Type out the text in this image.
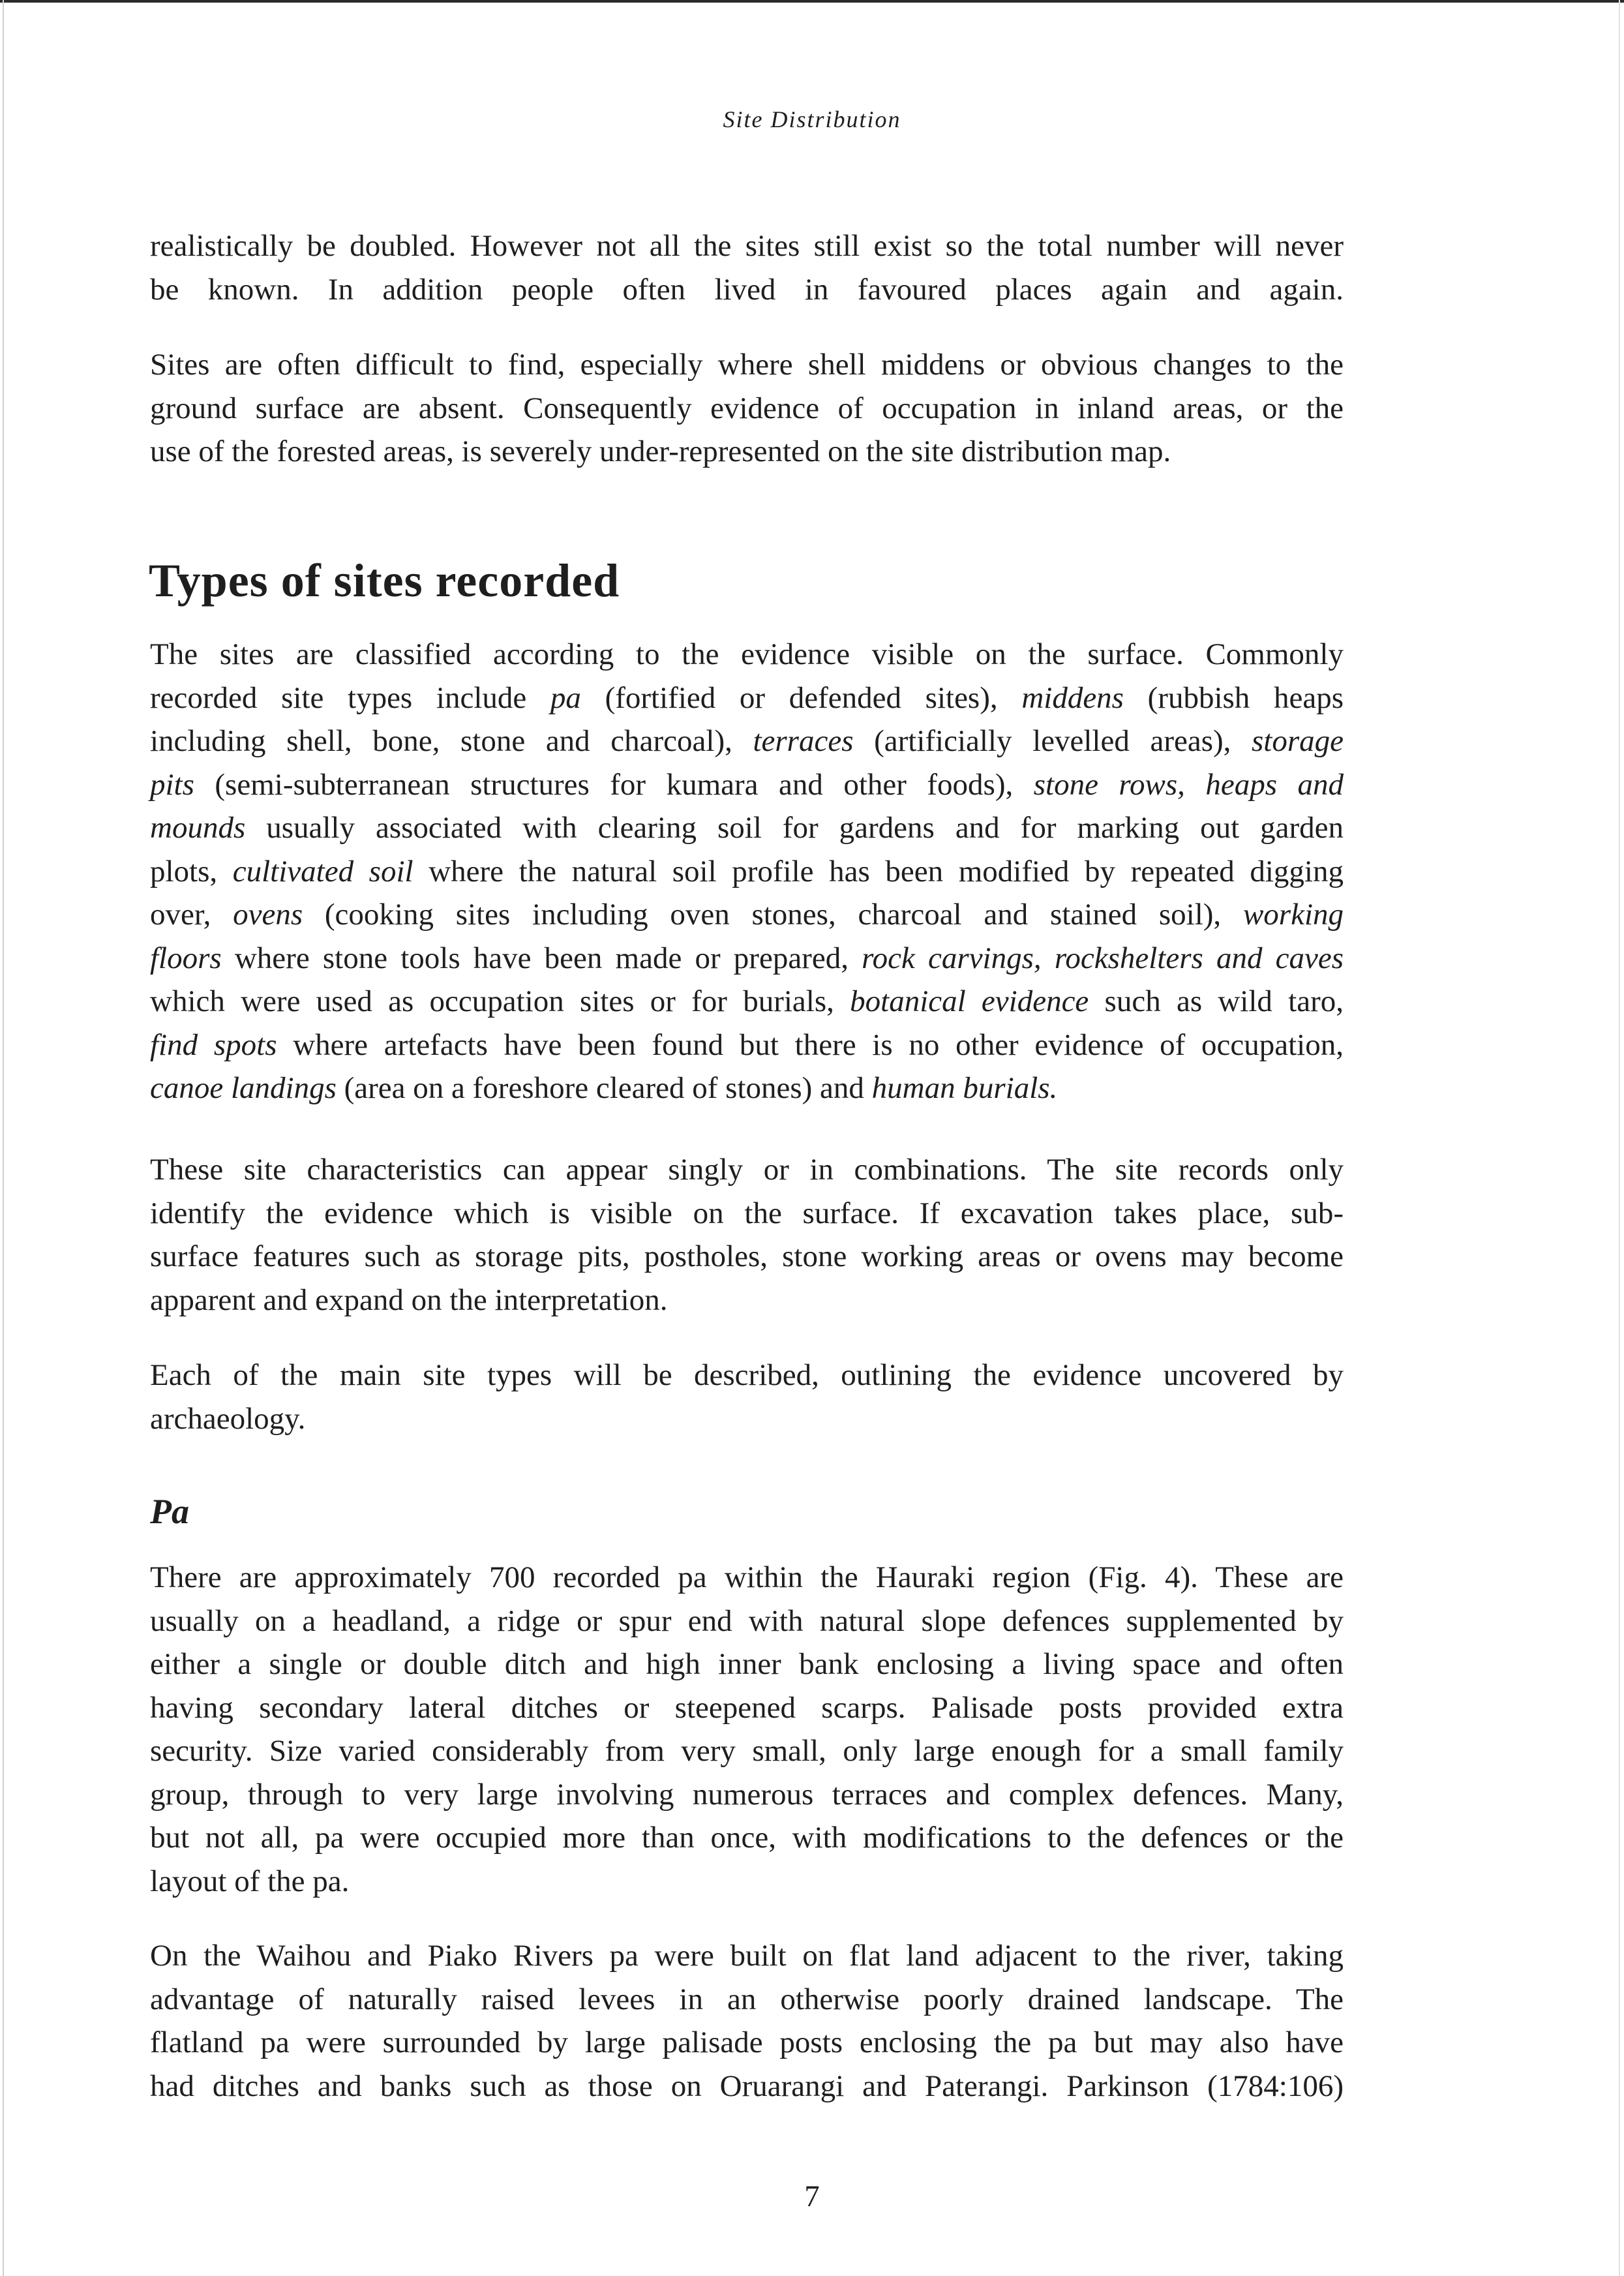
Site Distribution

realistically be doubled. However not all the sites still exist so the total number will never
be known. In addition people often lived in favoured places again and again.

Sites are often difficult to find, especially where shell middens or obvious changes to the
ground surface are absent. Consequently evidence of occupation in inland areas, or the
use of the forested areas, is severely under-represented on the site distribution map.

Types of sites recorded

The sites are classified according to the evidence visible on the surface. Commonly
recorded site types include pa (fortified or defended sites), middens (rubbish heaps
including shell, bone, stone and charcoal), terraces (artificially levelled areas), storage
pits (semi-subterranean structures for kumara and other foods), stone rows, heaps and
mounds usually associated with clearing soil for gardens and for marking out garden
plots, cultivated soil where the natural soil profile has been modified by repeated digging
over, ovens (cooking sites including oven stones, charcoal and stained soil), working
floors where stone tools have been made or prepared, rock carvings, rockshelters and caves
which were used as occupation sites or for burials, botanical evidence such as wild taro,
find spots where artefacts have been found but there is no other evidence of occupation,
canoe landings (area on a foreshore cleared of stones) and human burials.

These site characteristics can appear singly or in combinations. The site records only
identify the evidence which is visible on the surface. If excavation takes place, sub-
surface features such as storage pits, postholes, stone working areas or ovens may become
apparent and expand on the interpretation.

Each of the main site types will be described, outlining the evidence uncovered by
archaeology.

Pa

There are approximately 700 recorded pa within the Hauraki region (Fig. 4). These are
usually on a headland, a ridge or spur end with natural slope defences supplemented by
either a single or double ditch and high inner bank enclosing a living space and often
having secondary lateral ditches or steepened scarps. Palisade posts provided extra
security. Size varied considerably from very small, only large enough for a small family
group, through to very large involving numerous terraces and complex defences. Many,
but not all, pa were occupied more than once, with modifications to the defences or the
layout of the pa.

On the Waihou and Piako Rivers pa were built on flat land adjacent to the river, taking
advantage of naturally raised levees in an otherwise poorly drained landscape. The
flatland pa were surrounded by large palisade posts enclosing the pa but may also have
had ditches and banks such as those on Oruarangi and Paterangi. Parkinson (1784:106)

7
